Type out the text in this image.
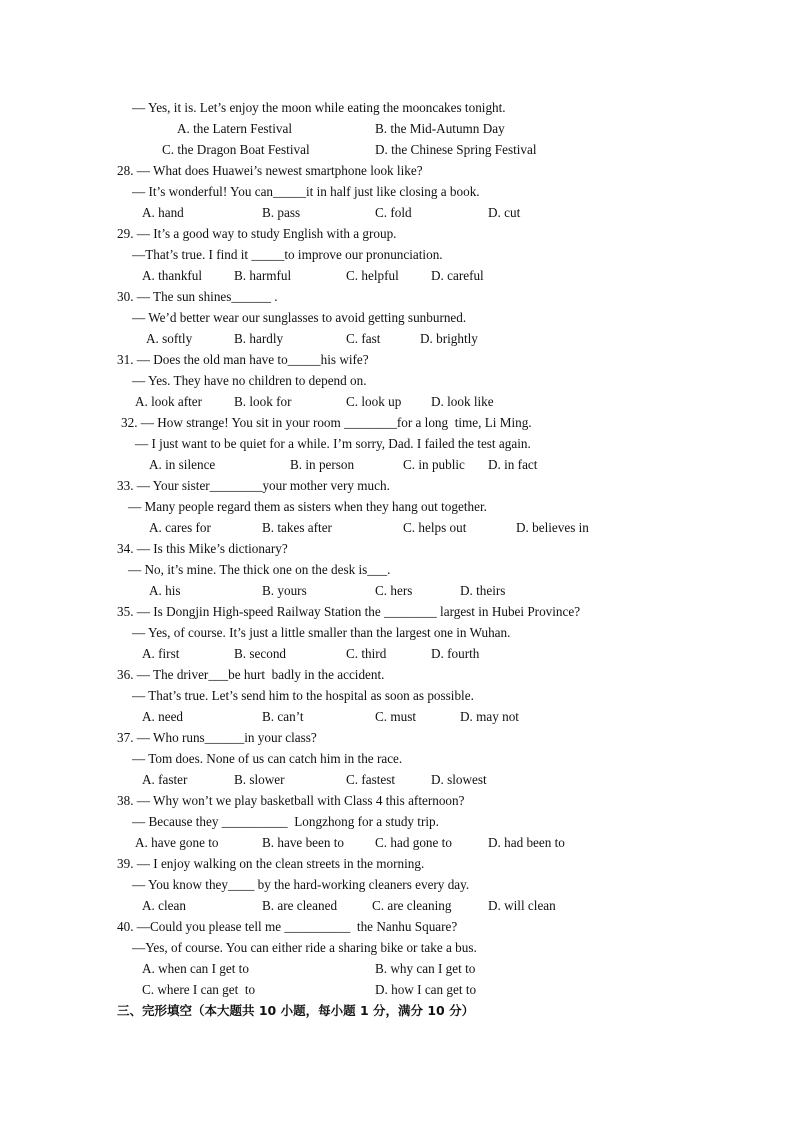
— Yes, it is. Let’s enjoy the moon while eating the mooncakes tonight.
A. the Latern Festival	B. the Mid-Autumn Day
C. the Dragon Boat Festival	D. the Chinese Spring Festival
28. — What does Huawei’s newest smartphone look like?
— It’s wonderful! You can_____it in half just like closing a book.
A. hand	B. pass	C. fold	D. cut
29. — It’s a good way to study English with a group.
—That’s true. I find it _____to improve our pronunciation.
A. thankful B. harmful	C. helpful D. careful
30. — The sun shines______ .
— We’d better wear our sunglasses to avoid getting sunburned.
A. softly	B. hardly	C. fast	D. brightly
31. — Does the old man have to_____his wife?
— Yes. They have no children to depend on.
A. look after B. look for	C. look up D. look like
32. — How strange! You sit in your room ________for a long  time, Li Ming.
— I just want to be quiet for a while. I’m sorry, Dad. I failed the test again.
A. in silence	B. in person	C. in public D. in fact
33. — Your sister________your mother very much.
— Many people regard them as sisters when they hang out together.
A. cares for	B. takes after	C. helps out	D. believes in
34. — Is this Mike’s dictionary?
— No, it’s mine. The thick one on the desk is___.
A. his	B. yours	C. hers	D. theirs
35. — Is Dongjin High-speed Railway Station the ________ largest in Hubei Province?
— Yes, of course. It’s just a little smaller than the largest one in Wuhan.
A. first	B. second	C. third	D. fourth
36. — The driver___be hurt  badly in the accident.
— That’s true. Let’s send him to the hospital as soon as possible.
A. need	B. can’t	C. must	D. may not
37. — Who runs______in your class?
— Tom does. None of us can catch him in the race.
A. faster	B. slower	C. fastest	D. slowest
38. — Why won’t we play basketball with Class 4 this afternoon?
— Because they __________  Longzhong for a study trip.
A. have gone to	B. have been to C. had gone to	D. had been to
39. — I enjoy walking on the clean streets in the morning.
— You know they____ by the hard-working cleaners every day.
A. clean	B. are cleaned	C. are cleaning	D. will clean
40. —Could you please tell me __________  the Nanhu Square?
—Yes, of course. You can either ride a sharing bike or take a bus.
A. when can I get to	B. why can I get to
C. where I can get  to	D. how I can get to
三、完形填空（本大题共 10 小题，每小题 1 分，满分 10 分）
